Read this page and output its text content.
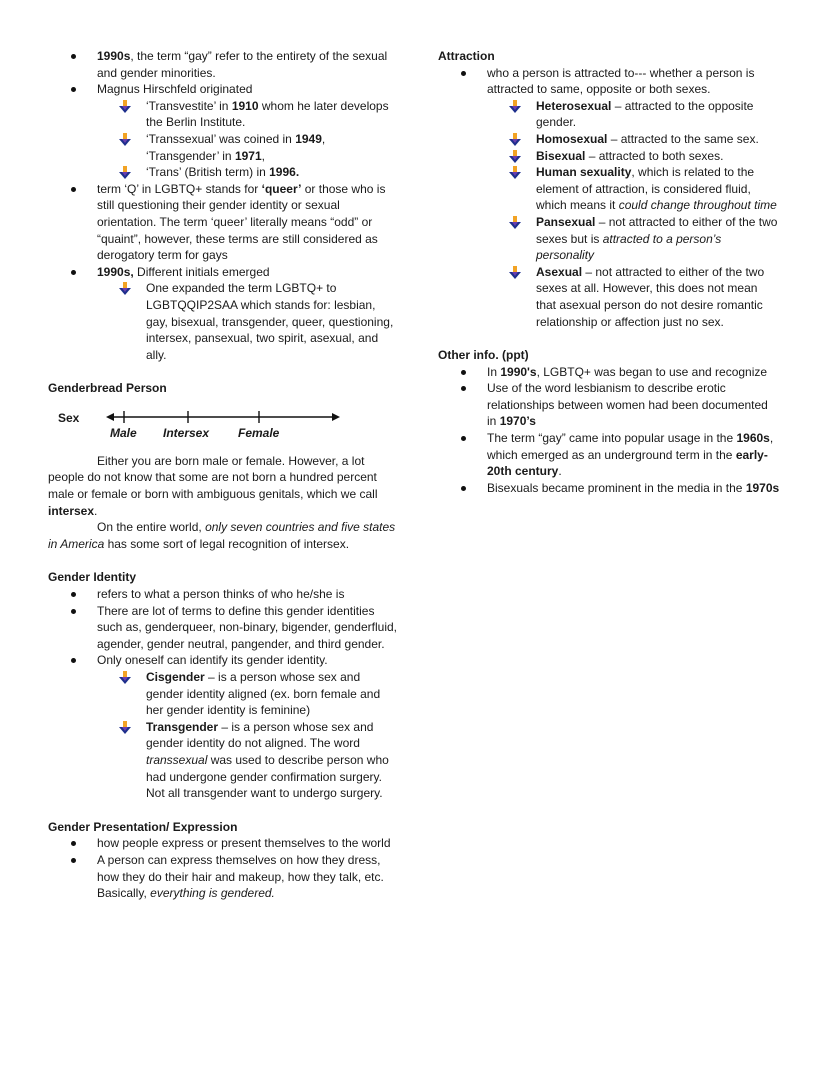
1990s, the term “gay” refer to the entirety of the sexual and gender minorities.
Magnus Hirschfeld originated
‘Transvestite’ in 1910 whom he later develops the Berlin Institute.
‘Transsexual’ was coined in 1949, ‘Transgender’ in 1971,
‘Trans’ (British term) in 1996.
term ‘Q’ in LGBTQ+ stands for ‘queer’ or those who is still questioning their gender identity or sexual orientation. The term ‘queer’ literally means “odd” or “quaint”, however, these terms are still considered as derogatory term for gays
1990s, Different initials emerged
One expanded the term LGBTQ+ to LGBTQQIP2SAA which stands for: lesbian, gay, bisexual, transgender, queer, questioning, intersex, pansexual, two spirit, asexual, and ally.
Genderbread Person
Sex
Male Intersex Female
Either you are born male or female. However, a lot people do not know that some are not born a hundred percent male or female or born with ambiguous genitals, which we call intersex.
On the entire world, only seven countries and five states in America has some sort of legal recognition of intersex.
Gender Identity
refers to what a person thinks of who he/she is
There are lot of terms to define this gender identities such as, genderqueer, non-binary, bigender, genderfluid, agender, gender neutral, pangender, and third gender.
Only oneself can identify its gender identity.
Cisgender – is a person whose sex and gender identity aligned (ex. born female and her gender identity is feminine)
Transgender – is a person whose sex and gender identity do not aligned. The word transsexual was used to describe person who had undergone gender confirmation surgery. Not all transgender want to undergo surgery.
Gender Presentation/ Expression
how people express or present themselves to the world
A person can express themselves on how they dress, how they do their hair and makeup, how they talk, etc. Basically, everything is gendered.
Attraction
who a person is attracted to--- whether a person is attracted to same, opposite or both sexes.
Heterosexual – attracted to the opposite gender.
Homosexual – attracted to the same sex.
Bisexual – attracted to both sexes.
Human sexuality, which is related to the element of attraction, is considered fluid, which means it could change throughout time
Pansexual – not attracted to either of the two sexes but is attracted to a person’s personality
Asexual – not attracted to either of the two sexes at all. However, this does not mean that asexual person do not desire romantic relationship or affection just no sex.
Other info. (ppt)
In 1990's, LGBTQ+ was began to use and recognize
Use of the word lesbianism to describe erotic relationships between women had been documented in 1970’s
The term “gay” came into popular usage in the 1960s, which emerged as an underground term in the early-20th century.
Bisexuals became prominent in the media in the 1970s
